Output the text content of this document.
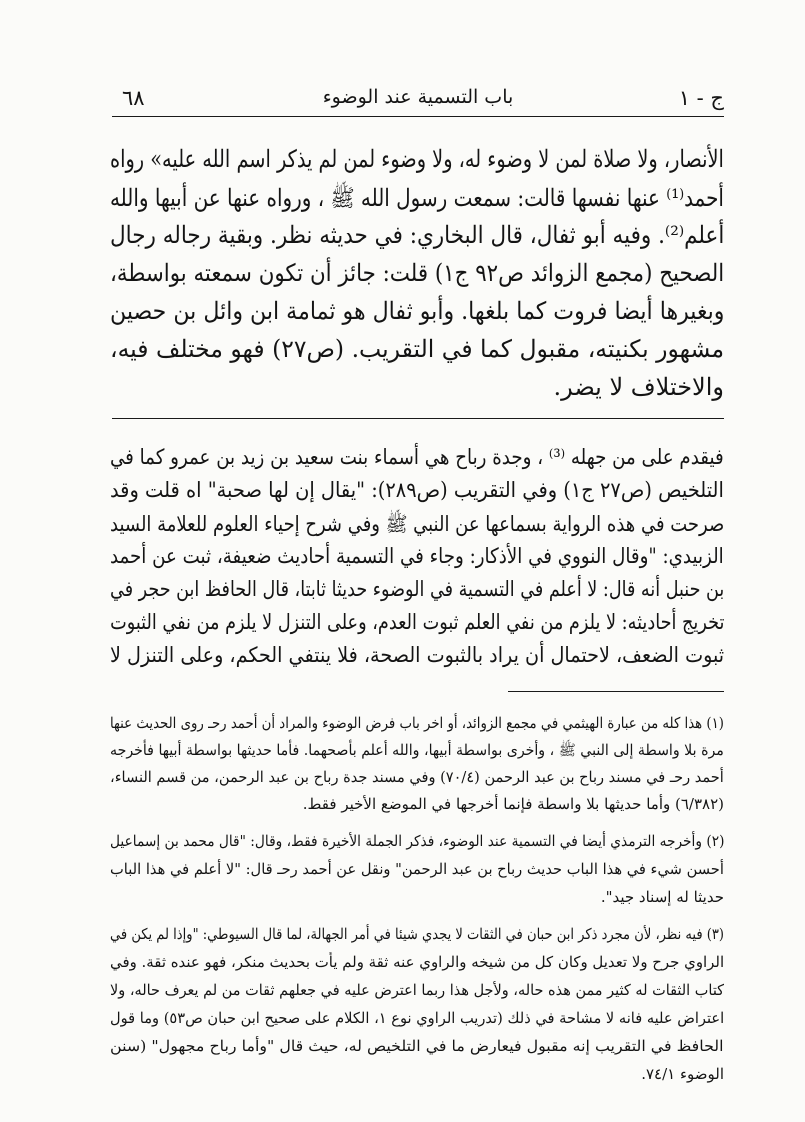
ج - ١
باب التسمية عند الوضوء
٦٨
الأنصار، ولا صلاة لمن لا وضوء له، ولا وضوء لمن لم يذكر اسم الله عليه» رواه
أحمد⁽¹⁾ عنها نفسها قالت: سمعت رسول الله ﷺ ، ورواه عنها عن أبيها والله
أعلم⁽²⁾. وفيه أبو ثفال، قال البخاري: في حديثه نظر. وبقية رجاله رجال
الصحيح (مجمع الزوائد ص٩٢ ج١) قلت: جائز أن تكون سمعته بواسطة،
وبغيرها أيضا فروت كما بلغها. وأبو ثفال هو ثمامة ابن وائل بن حصين
مشهور بكنيته، مقبول كما في التقريب. (ص٢٧) فهو مختلف فيه،
والاختلاف لا يضر.
فيقدم على من جهله ⁽³⁾ ، وجدة رباح هي أسماء بنت سعيد بن زيد بن عمرو كما في
التلخيص (ص٢٧ ج١) وفي التقريب (ص٢٨٩): "يقال إن لها صحبة" اه قلت وقد
صرحت في هذه الرواية بسماعها عن النبي ﷺ وفي شرح إحياء العلوم للعلامة السيد
الزبيدي: "وقال النووي في الأذكار: وجاء في التسمية أحاديث ضعيفة، ثبت عن أحمد
بن حنبل أنه قال: لا أعلم في التسمية في الوضوء حديثا ثابتا، قال الحافظ ابن حجر في
تخريج أحاديثه: لا يلزم من نفي العلم ثبوت العدم، وعلى التنزل لا يلزم من نفي الثبوت
ثبوت الضعف، لاحتمال أن يراد بالثبوت الصحة، فلا ينتفي الحكم، وعلى التنزل لا
(١) هذا كله من عبارة الهيثمي في مجمع الزوائد، أو اخر باب فرض الوضوء والمراد أن أحمد رحـ روى الحديث عنها
مرة بلا واسطة إلى النبي ﷺ ، وأخرى بواسطة أبيها، والله أعلم بأصحهما. فأما حديثها بواسطة أبيها فأخرجه
أحمد رحـ في مسند رباح بن عبد الرحمن (٧٠/٤) وفي مسند جدة رباح بن عبد الرحمن، من قسم النساء،
(٦/٣٨٢) وأما حديثها بلا واسطة فإنما أخرجها في الموضع الأخير فقط.
(٢) وأخرجه الترمذي أيضا في التسمية عند الوضوء، فذكر الجملة الأخيرة فقط، وقال: "قال محمد بن إسماعيل
أحسن شيء في هذا الباب حديث رباح بن عبد الرحمن" ونقل عن أحمد رحـ قال: "لا أعلم في هذا الباب
حديثا له إسناد جيد".
(٣) فيه نظر، لأن مجرد ذكر ابن حبان في الثقات لا يجدي شيئا في أمر الجهالة، لما قال السيوطي: "وإذا لم يكن في
الراوي جرح ولا تعديل وكان كل من شيخه والراوي عنه ثقة ولم يأت بحديث منكر، فهو عنده ثقة. وفي
كتاب الثقات له كثير ممن هذه حاله، ولأجل هذا ربما اعترض عليه في جعلهم ثقات من لم يعرف حاله، ولا
اعتراض عليه فانه لا مشاحة في ذلك (تدريب الراوي نوع ١، الكلام على صحيح ابن حبان ص٥٣) وما قول
الحافظ في التقريب إنه مقبول فيعارض ما في التلخيص له، حيث قال "وأما رباح مجهول" (سنن
الوضوء ٧٤/١.
